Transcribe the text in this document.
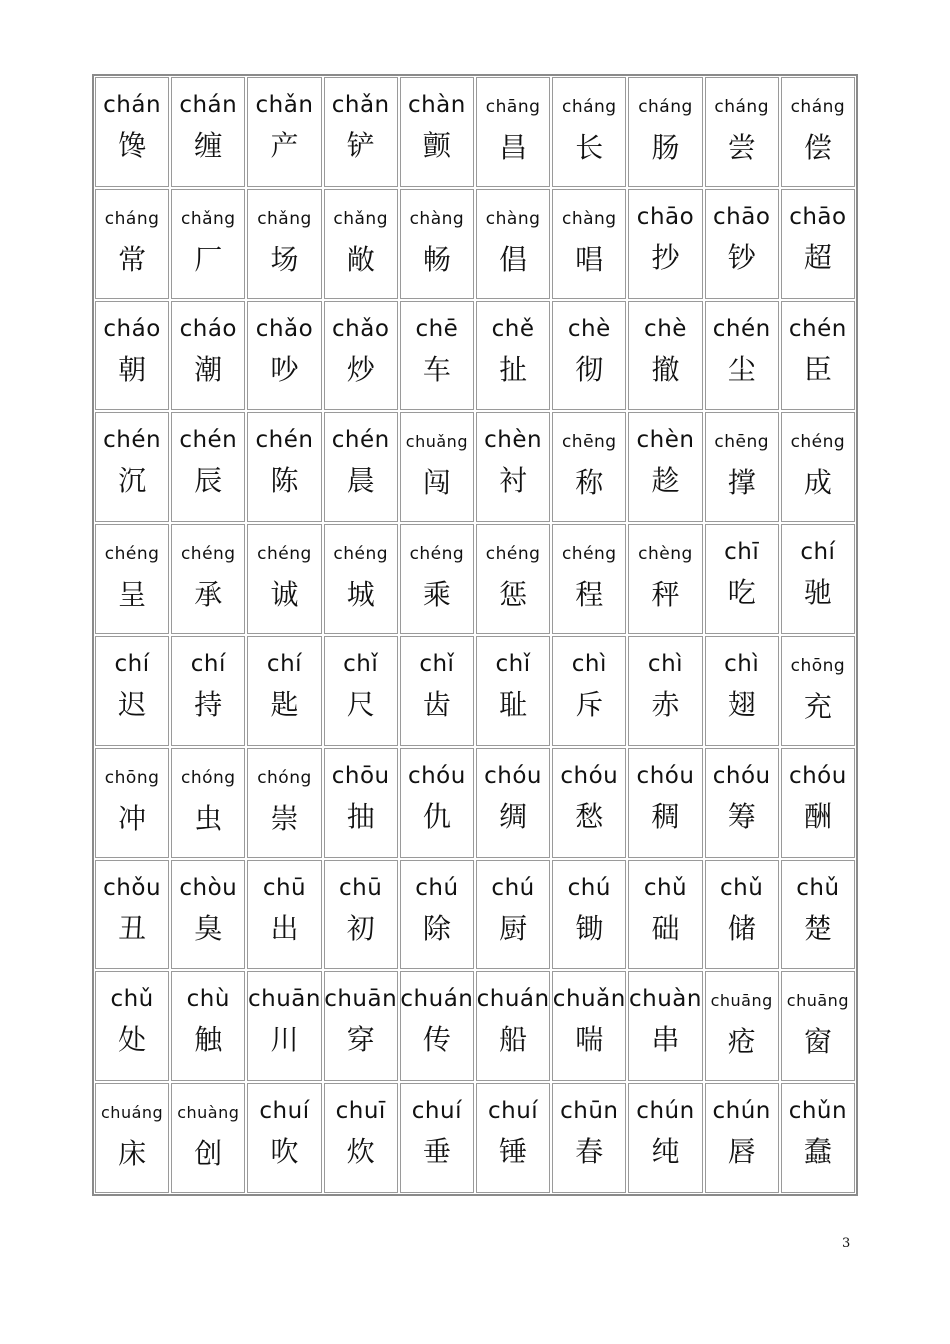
chán
馋
chán
缠
chǎn
产
chǎn
铲
chàn
颤
chāng
昌
cháng
长
cháng
肠
cháng
尝
cháng
偿
cháng
常
chǎng
厂
chǎng
场
chǎng
敞
chàng
畅
chàng
倡
chàng
唱
chāo
抄
chāo
钞
chāo
超
cháo
朝
cháo
潮
chǎo
吵
chǎo
炒
chē
车
chě
扯
chè
彻
chè
撤
chén
尘
chén
臣
chén
沉
chén
辰
chén
陈
chén
晨
chuǎng
闯
chèn
衬
chēng
称
chèn
趁
chēng
撑
chéng
成
chéng
呈
chéng
承
chéng
诚
chéng
城
chéng
乘
chéng
惩
chéng
程
chèng
秤
chī
吃
chí
驰
chí
迟
chí
持
chí
匙
chǐ
尺
chǐ
齿
chǐ
耻
chì
斥
chì
赤
chì
翅
chōng
充
chōng
冲
chóng
虫
chóng
崇
chōu
抽
chóu
仇
chóu
绸
chóu
愁
chóu
稠
chóu
筹
chóu
酬
chǒu
丑
chòu
臭
chū
出
chū
初
chú
除
chú
厨
chú
锄
chǔ
础
chǔ
储
chǔ
楚
chǔ
处
chù
触
chuān
川
chuān
穿
chuán
传
chuán
船
chuǎn
喘
chuàn
串
chuāng
疮
chuāng
窗
chuáng
床
chuàng
创
chuí
吹
chuī
炊
chuí
垂
chuí
锤
chūn
春
chún
纯
chún
唇
chǔn
蠢
3
